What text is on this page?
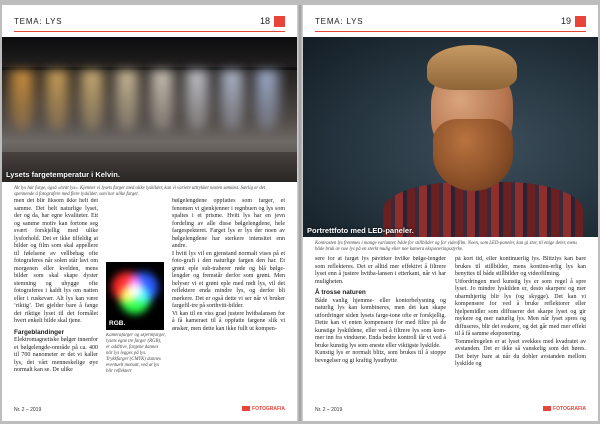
TEMA: LYS	18
Lysets fargetemperatur i Kelvin.
Alt lys har farge, også «hvitt lys». Kjenner vi lysets farger med ulike lyskilder, kan vi variere uttrykket nesten sømløst. Særlig er det spennende å fotografere med flere lyskilder, som har ulike farger.

men det blir liksom ikke helt det samme. Det helt naturlige lyset, der og da, har egne kvaliteter. Ett og samme motiv kan fortone seg svært forskjellig med ulike lysforhold. Det er ikke tilfeldig at bilder og film som skal appellere til følelsene av vellbehag ofte fotograferes når solen står lavt om morgenen eller kvelden, mens bilder som skal skape dyster stemning og uhygge ofte fotograferes i kaldt lys om natten eller i ruskevær. Alt lys kan være ‘riktig’. Det gjelder bare å fange det riktige lyset til det formålet hvert enkelt bilde skal tjene.

Fargeblandinger

Elektromagnetiske bølger innenfor et bølgelengde-område på ca. 400 til 700 nanometer er det vi kaller lys, det vårt menneskelige øye normalt kan se. De ulike

bølgelengdene oppfattes som farger, et fenomen vi gjenkjenner i regnbuen og lys som spaltes i et prisme. Hvitt lys har en jevn fordeling av alle disse bølgelengdene, hele fargespekteret. Farget lys er lys der noen av bølgelengdene har sterkere intensitet enn andre.

I hvitt lys vil en gjenstand normalt vises på et foto-grafi i den naturlige fargen den har. Et grønt eple sub-traherer røde og blå bølge-lengder og fremstår derfor som grønt. Men belyser vi et grønt eple med rødt lys, vil det reflektere enda mindre lys, og derfor bli mørkere. Det er også dette vi ser når vi bruker fargefil-tre på sorthvitt-bilder.

Vi kan til en viss grad justere hvitbalansen for å få kameraet til å oppfatte fargene slik vi ønsker, men dette kan ikke fullt ut kompen-

RGB.
Kamerafarger og skjermfarger, lysets egne tre farger (RGB), er additive, fargene dannes når lys legges på lys. Trykkfarger (CMYK) dannes eventuelt motsatt, ved at lys blir reflektert
Nr. 2 – 2019	FOTOGRAFIA
TEMA: LYS	19
Portrettfoto med LED-paneler.
Kontrasten lys fremmes i mange varianter, både for stillbilder og for videofilm. Noen, som LED-paneler, kan gi stor, til enige deler, mens både bruk av noe lys på en sterkt mulig eller noe kamera eksponeringsstyrke.

sere for at farget lys påvirker hvilke bølge-lengder som reflekteres. Det er alltid mer effektivt å filtrere lyset enn å justere hvitba-lansen i etterkant, når vi har muligheten.

Å trosse naturen

Både vanlig hjemme- eller kontorbelysning og naturlig lys kan kombineres, men det kan skape utfordringer siden lysets farge-tone ofte er forskjellig. Dette kan vi enten kompensere for med filtre på de kunstige lyskildene, eller ved å filtrere lys som kom-mer inn fra vinduene. Enda bedre kontroll får vi ved å bruke kunstig lys som eneste eller viktigste lyskilde.

Kunstig lys er normalt blitz, som brukes til å stoppe bevegelser og gi kraftig lysutbytte

på kort tid, eller kontinuerlig lys. Blitzlys kan bare brukes til stillbilder, mens kontinu-erlig lys kan benyttes til både stillbilder og videofilming.

Utfordringen med kunstig lys er som regel å spre lyset. Jo mindre lyskilden er, desto skarpere og mer ubarmhjertig blir lys (og skygge). Det kan vi kompensere for ved å bruke reflektorer eller hjelpemidler som diffuserer det skarpe lyset og gir mykere og mer naturlig lys. Men når lyset spres og diffuseres, blir det svakere, og det går med mer effekt til å få samme eksponering.

Tommelregelen er at lyset svekkes med kvadratet av avstanden. Det er ikke så vanskelig som det høres. Det betyr bare at når du dobler avstanden mellom lyskilde og

Nr. 2 – 2019	FOTOGRAFIA
